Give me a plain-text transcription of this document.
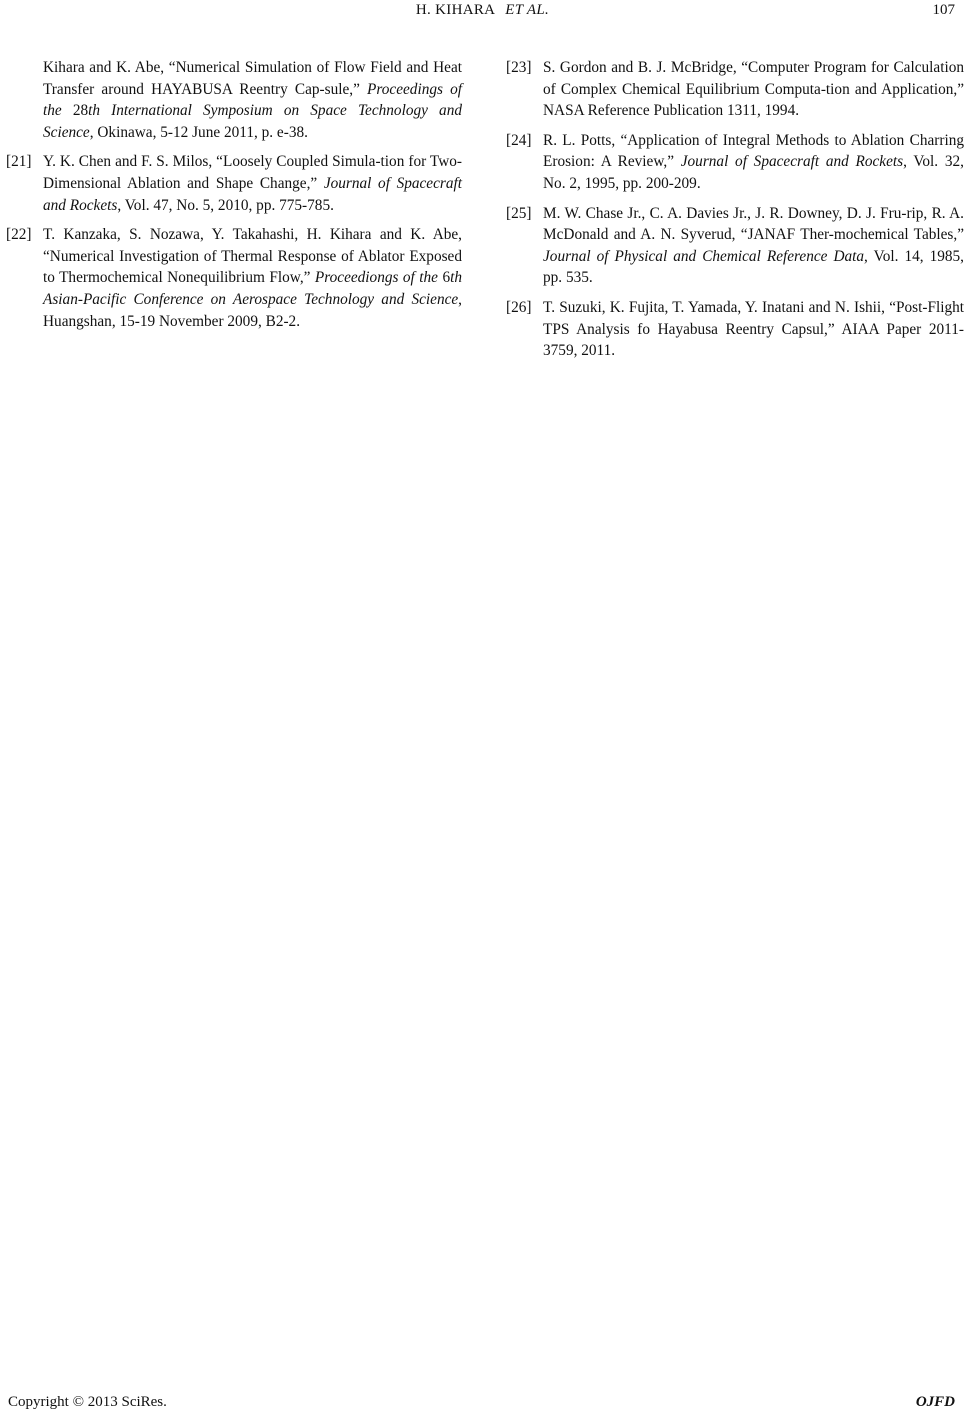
H. KIHARA ET AL.	107
Kihara and K. Abe, “Numerical Simulation of Flow Field and Heat Transfer around HAYABUSA Reentry Cap-sule,” Proceedings of the 28th International Symposium on Space Technology and Science, Okinawa, 5-12 June 2011, p. e-38.
[21] Y. K. Chen and F. S. Milos, “Loosely Coupled Simula-tion for Two-Dimensional Ablation and Shape Change,” Journal of Spacecraft and Rockets, Vol. 47, No. 5, 2010, pp. 775-785.
[22] T. Kanzaka, S. Nozawa, Y. Takahashi, H. Kihara and K. Abe, “Numerical Investigation of Thermal Response of Ablator Exposed to Thermochemical Nonequilibrium Flow,” Proceediongs of the 6th Asian-Pacific Conference on Aerospace Technology and Science, Huangshan, 15-19 November 2009, B2-2.
[23] S. Gordon and B. J. McBridge, “Computer Program for Calculation of Complex Chemical Equilibrium Computa-tion and Application,” NASA Reference Publication 1311, 1994.
[24] R. L. Potts, “Application of Integral Methods to Ablation Charring Erosion: A Review,” Journal of Spacecraft and Rockets, Vol. 32, No. 2, 1995, pp. 200-209.
[25] M. W. Chase Jr., C. A. Davies Jr., J. R. Downey, D. J. Fru-rip, R. A. McDonald and A. N. Syverud, “JANAF Ther-mochemical Tables,” Journal of Physical and Chemical Reference Data, Vol. 14, 1985, pp. 535.
[26] T. Suzuki, K. Fujita, T. Yamada, Y. Inatani and N. Ishii, “Post-Flight TPS Analysis fo Hayabusa Reentry Capsul,” AIAA Paper 2011-3759, 2011.
Copyright © 2013 SciRes.	OJFD
